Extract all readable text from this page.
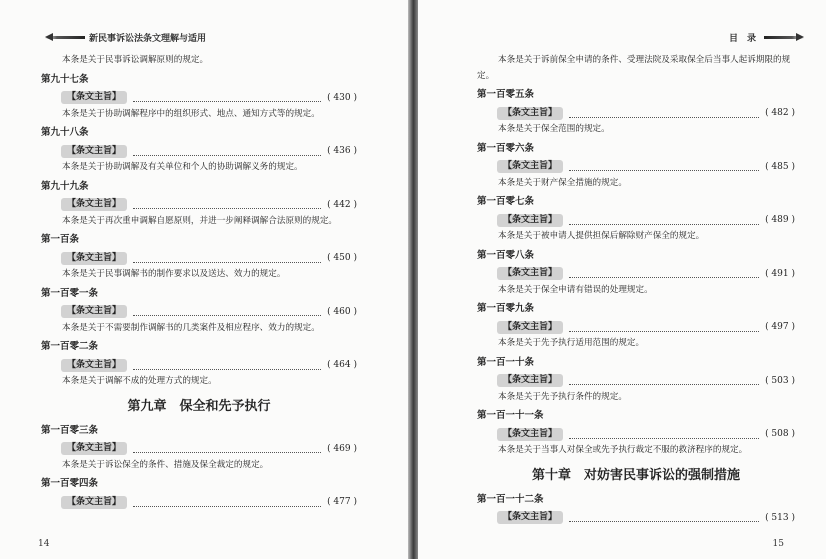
新民事诉讼法条文理解与适用

本条是关于民事诉讼调解原则的规定。

第九十七条
【条文主旨】	( 430 )

本条是关于协助调解程序中的组织形式、地点、通知方式等的规定。

第九十八条
【条文主旨】	( 436 )

本条是关于协助调解及有关单位和个人的协助调解义务的规定。

第九十九条
【条文主旨】	( 442 )

本条是关于再次重申调解自愿原则，并进一步阐释调解合法原则的规定。

第一百条
【条文主旨】	( 450 )

本条是关于民事调解书的制作要求以及送达、效力的规定。

第一百零一条
【条文主旨】	( 460 )

本条是关于不需要制作调解书的几类案件及相应程序、效力的规定。

第一百零二条
【条文主旨】	( 464 )

本条是关于调解不成的处理方式的规定。

第九章　保全和先予执行
第一百零三条
【条文主旨】	( 469 )

本条是关于诉讼保全的条件、措施及保全裁定的规定。

第一百零四条
【条文主旨】	( 477 )
14
目　录

本条是关于诉前保全申请的条件、受理法院及采取保全后当事人起诉期限的规定。

第一百零五条
【条文主旨】	( 482 )

本条是关于保全范围的规定。

第一百零六条
【条文主旨】	( 485 )

本条是关于财产保全措施的规定。

第一百零七条
【条文主旨】	( 489 )

本条是关于被申请人提供担保后解除财产保全的规定。

第一百零八条
【条文主旨】	( 491 )

本条是关于保全申请有错误的处理规定。

第一百零九条
【条文主旨】	( 497 )

本条是关于先予执行适用范围的规定。

第一百一十条
【条文主旨】	( 503 )

本条是关于先予执行条件的规定。

第一百一十一条
【条文主旨】	( 508 )

本条是关于当事人对保全或先予执行裁定不服的救济程序的规定。

第十章　对妨害民事诉讼的强制措施
第一百一十二条
【条文主旨】	( 513 )
15
